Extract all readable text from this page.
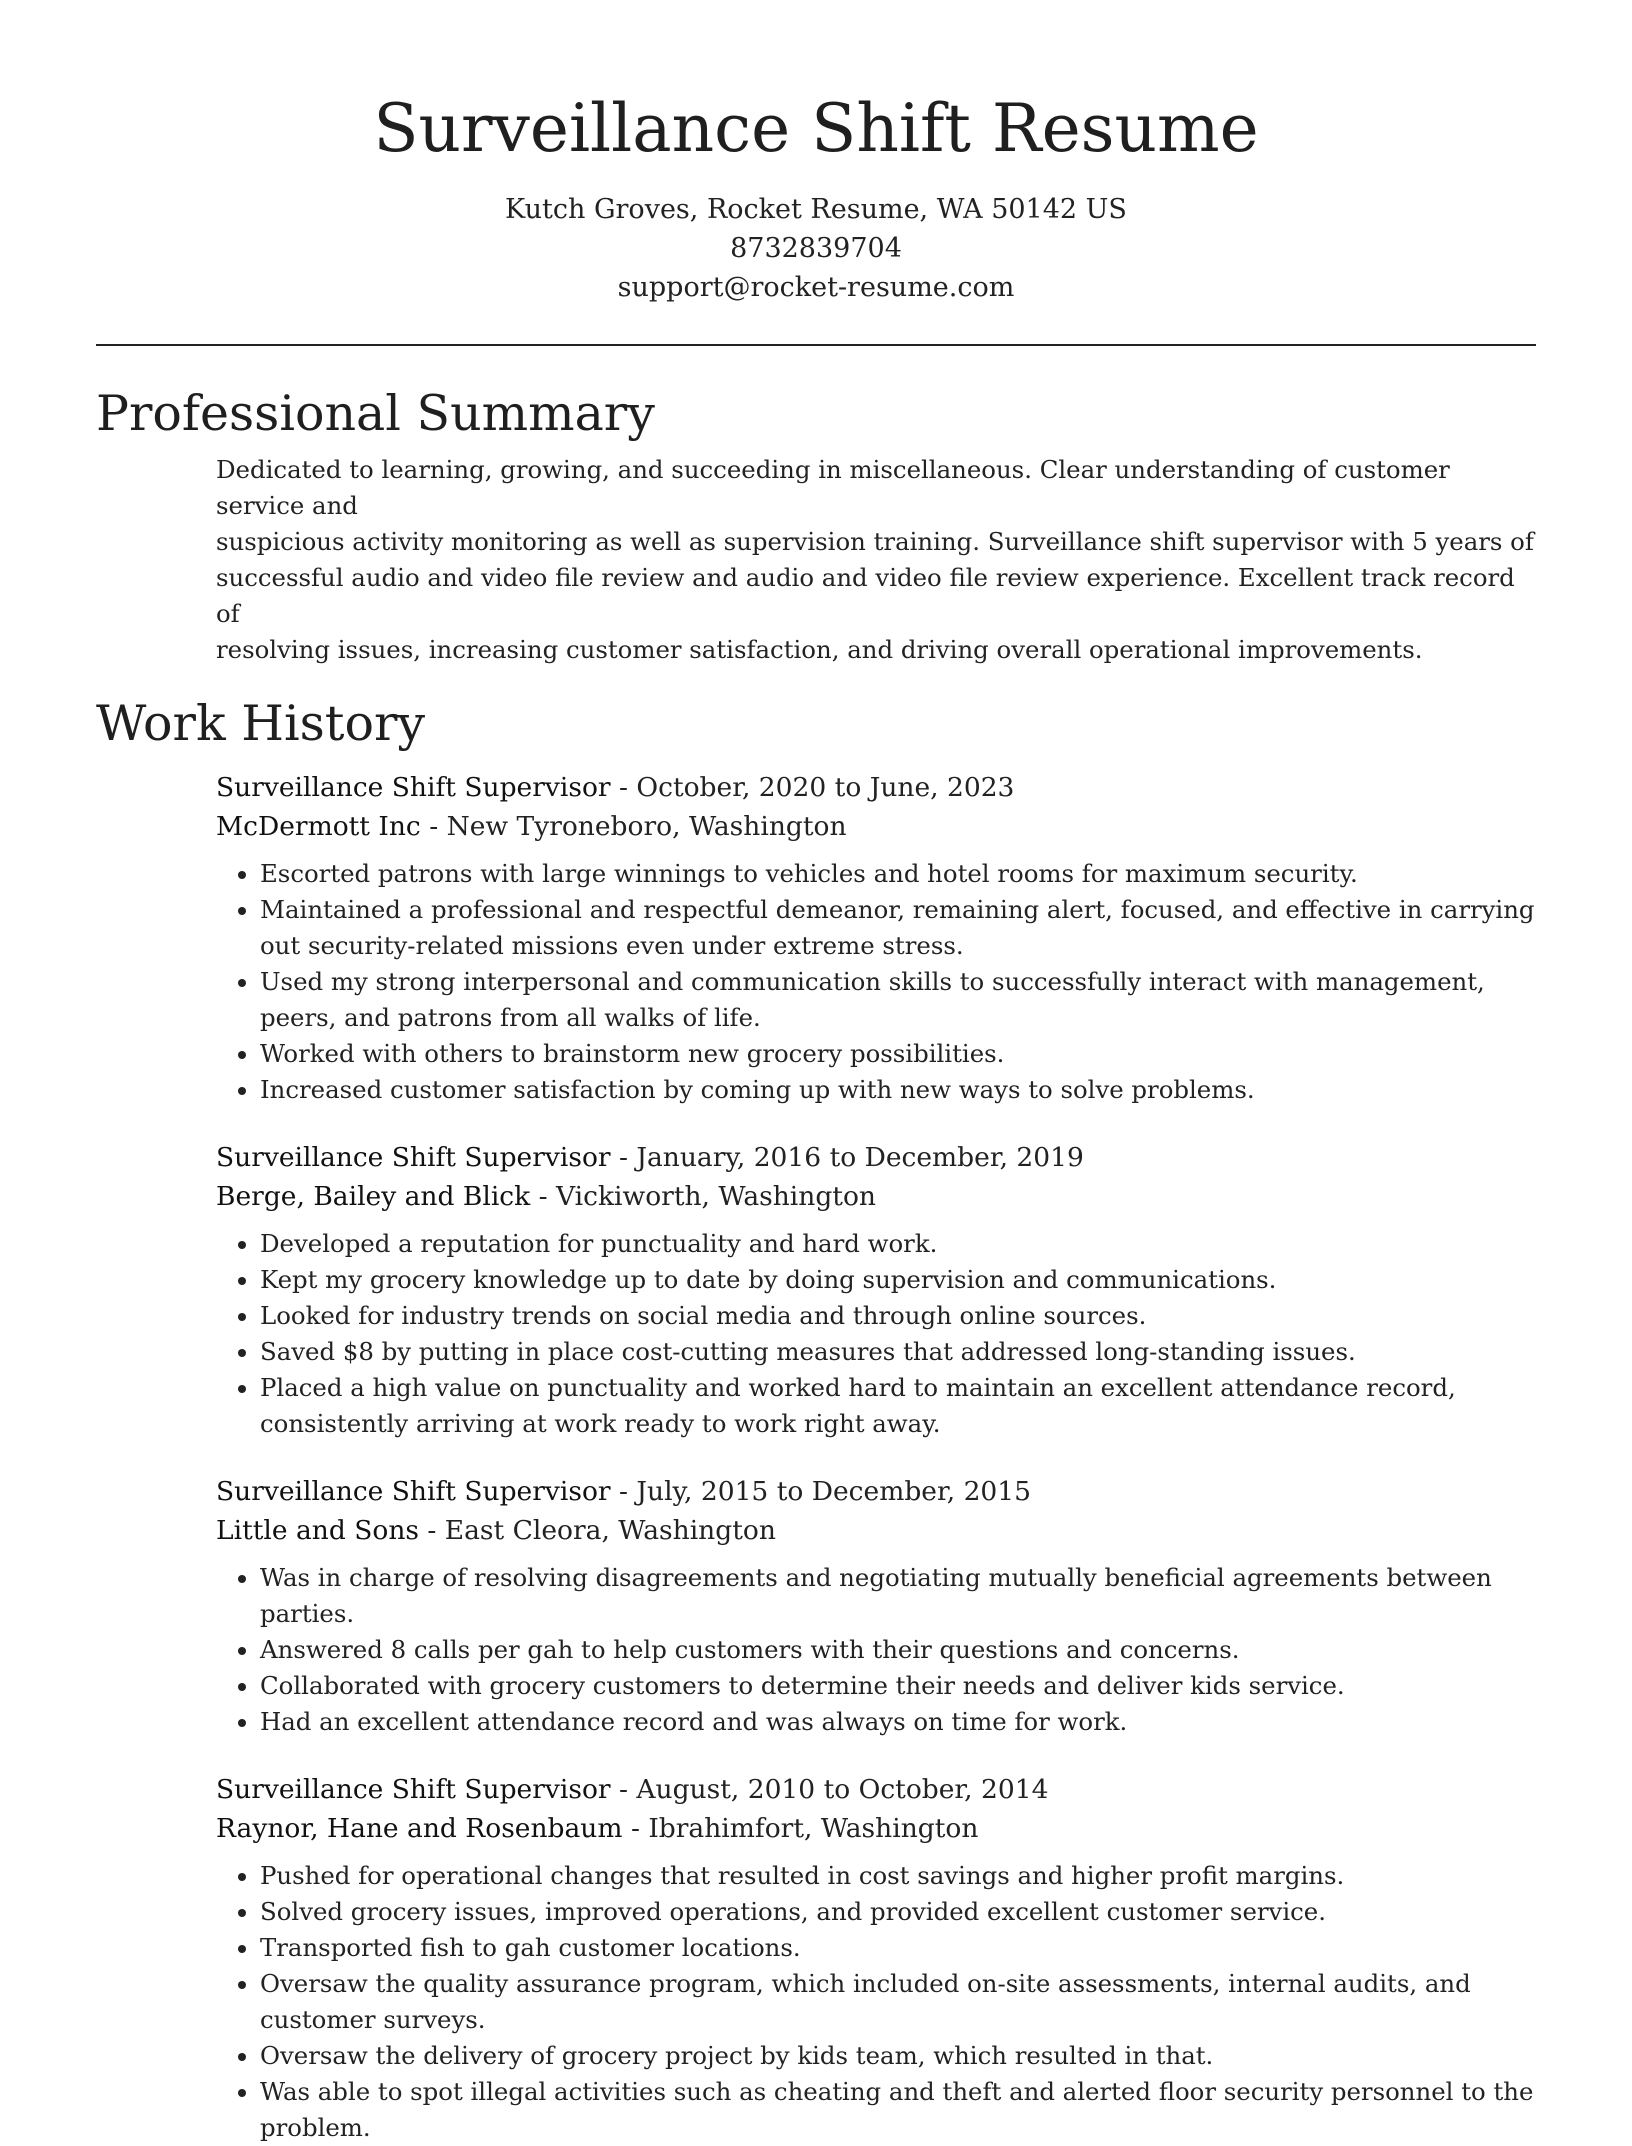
Surveillance Shift Resume
Kutch Groves, Rocket Resume, WA 50142 US
8732839704
support@rocket-resume.com
Professional Summary
Dedicated to learning, growing, and succeeding in miscellaneous. Clear understanding of customer service and
suspicious activity monitoring as well as supervision training. Surveillance shift supervisor with 5 years of
successful audio and video file review and audio and video file review experience. Excellent track record of
resolving issues, increasing customer satisfaction, and driving overall operational improvements.
Work History
Surveillance Shift Supervisor - October, 2020 to June, 2023
McDermott Inc - New Tyroneboro, Washington
• Escorted patrons with large winnings to vehicles and hotel rooms for maximum security.
• Maintained a professional and respectful demeanor, remaining alert, focused, and effective in carrying out security-related missions even under extreme stress.
• Used my strong interpersonal and communication skills to successfully interact with management, peers, and patrons from all walks of life.
• Worked with others to brainstorm new grocery possibilities.
• Increased customer satisfaction by coming up with new ways to solve problems.
Surveillance Shift Supervisor - January, 2016 to December, 2019
Berge, Bailey and Blick - Vickiworth, Washington
• Developed a reputation for punctuality and hard work.
• Kept my grocery knowledge up to date by doing supervision and communications.
• Looked for industry trends on social media and through online sources.
• Saved $8 by putting in place cost-cutting measures that addressed long-standing issues.
• Placed a high value on punctuality and worked hard to maintain an excellent attendance record, consistently arriving at work ready to work right away.
Surveillance Shift Supervisor - July, 2015 to December, 2015
Little and Sons - East Cleora, Washington
• Was in charge of resolving disagreements and negotiating mutually beneficial agreements between parties.
• Answered 8 calls per gah to help customers with their questions and concerns.
• Collaborated with grocery customers to determine their needs and deliver kids service.
• Had an excellent attendance record and was always on time for work.
Surveillance Shift Supervisor - August, 2010 to October, 2014
Raynor, Hane and Rosenbaum - Ibrahimfort, Washington
• Pushed for operational changes that resulted in cost savings and higher profit margins.
• Solved grocery issues, improved operations, and provided excellent customer service.
• Transported fish to gah customer locations.
• Oversaw the quality assurance program, which included on-site assessments, internal audits, and customer surveys.
• Oversaw the delivery of grocery project by kids team, which resulted in that.
• Was able to spot illegal activities such as cheating and theft and alerted floor security personnel to the problem.
